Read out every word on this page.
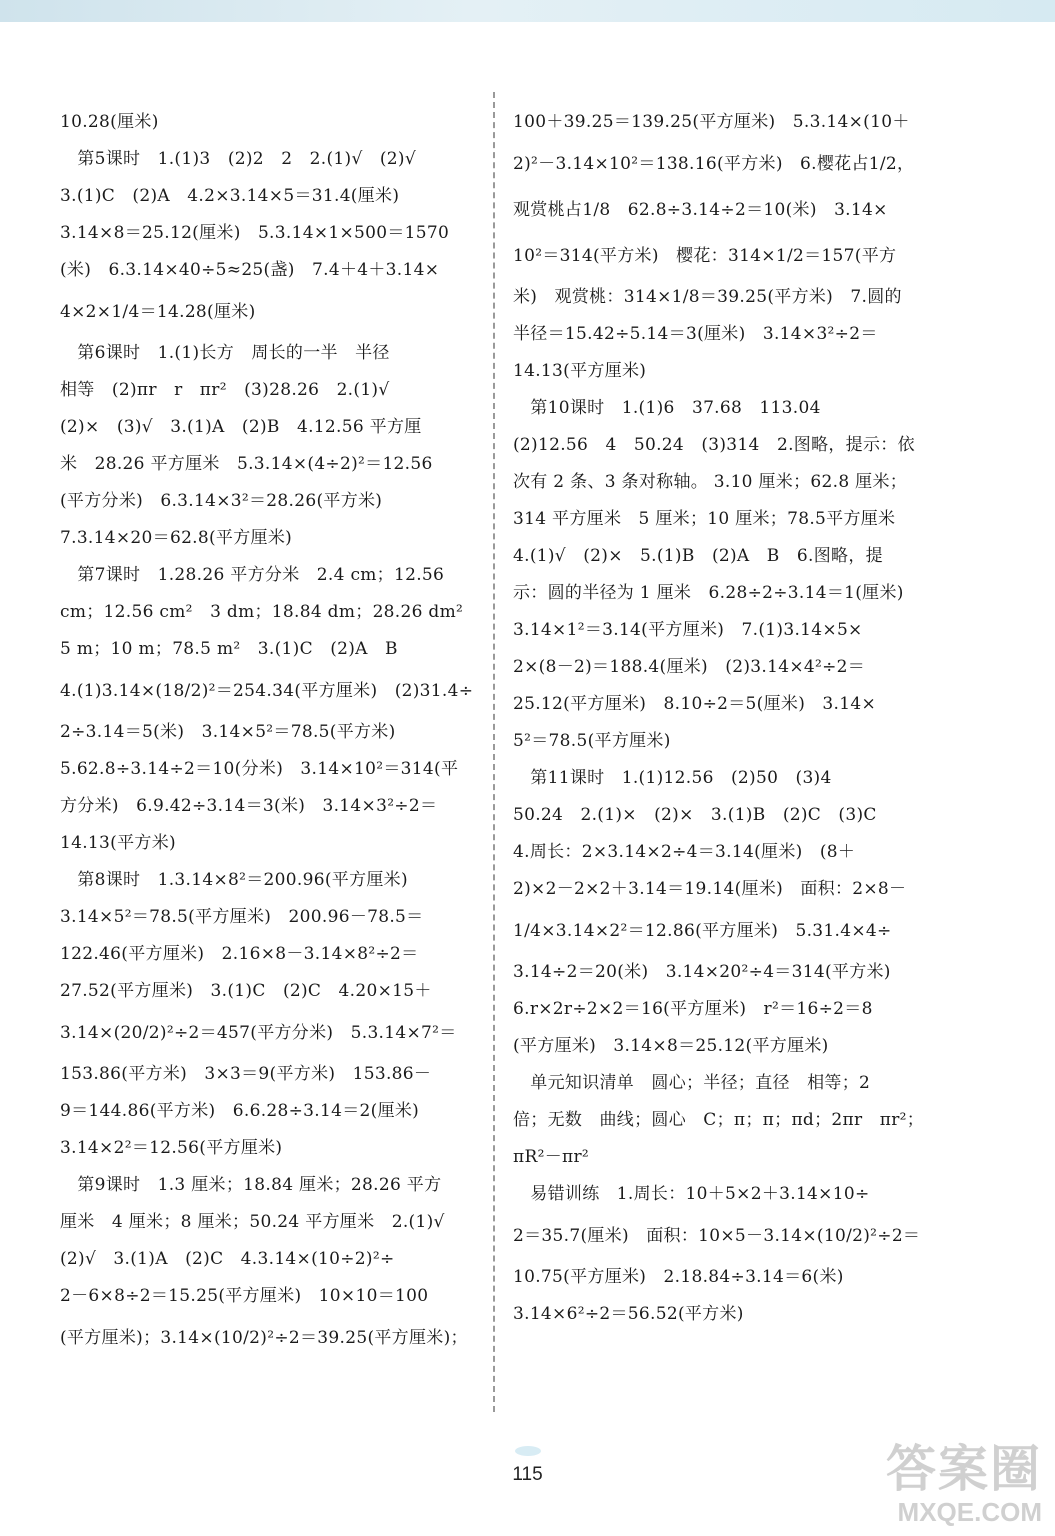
10.28(厘米)
　第5课时　1.(1)3　(2)2　2　2.(1)√　(2)√
3.(1)C　(2)A　4.2×3.14×5＝31.4(厘米)
3.14×8＝25.12(厘米)　5.3.14×1×500＝1570
(米)　6.3.14×40÷5≈25(盏)　7.4＋4＋3.14×
4×2×1/4＝14.28(厘米)
　第6课时　1.(1)长方　周长的一半　半径
相等　(2)πr　r　πr²　(3)28.26　2.(1)√
(2)×　(3)√　3.(1)A　(2)B　4.12.56 平方厘
米　28.26 平方厘米　5.3.14×(4÷2)²＝12.56
(平方分米)　6.3.14×3²＝28.26(平方米)
7.3.14×20＝62.8(平方厘米)
　第7课时　1.28.26 平方分米　2.4 cm；12.56
cm；12.56 cm²　3 dm；18.84 dm；28.26 dm²
5 m；10 m；78.5 m²　3.(1)C　(2)A　B
4.(1)3.14×(18/2)²＝254.34(平方厘米)　(2)31.4÷
2÷3.14＝5(米)　3.14×5²＝78.5(平方米)
5.62.8÷3.14÷2＝10(分米)　3.14×10²＝314(平
方分米)　6.9.42÷3.14＝3(米)　3.14×3²÷2＝
14.13(平方米)
　第8课时　1.3.14×8²＝200.96(平方厘米)
3.14×5²＝78.5(平方厘米)　200.96－78.5＝
122.46(平方厘米)　2.16×8－3.14×8²÷2＝
27.52(平方厘米)　3.(1)C　(2)C　4.20×15＋
3.14×(20/2)²÷2＝457(平方分米)　5.3.14×7²＝
153.86(平方米)　3×3＝9(平方米)　153.86－
9＝144.86(平方米)　6.6.28÷3.14＝2(厘米)
3.14×2²＝12.56(平方厘米)
　第9课时　1.3 厘米；18.84 厘米；28.26 平方
厘米　4 厘米；8 厘米；50.24 平方厘米　2.(1)√
(2)√　3.(1)A　(2)C　4.3.14×(10÷2)²÷
2－6×8÷2＝15.25(平方厘米)　10×10＝100
(平方厘米)；3.14×(10/2)²÷2＝39.25(平方厘米)；
100＋39.25＝139.25(平方厘米)　5.3.14×(10＋
2)²－3.14×10²＝138.16(平方米)　6.樱花占1/2，
观赏桃占1/8　62.8÷3.14÷2＝10(米)　3.14×
10²＝314(平方米)　樱花：314×1/2＝157(平方
米)　观赏桃：314×1/8＝39.25(平方米)　7.圆的
半径＝15.42÷5.14＝3(厘米)　3.14×3²÷2＝
14.13(平方厘米)
　第10课时　1.(1)6　37.68　113.04
(2)12.56　4　50.24　(3)314　2.图略，提示：依
次有 2 条、3 条对称轴。 3.10 厘米；62.8 厘米；
314 平方厘米　5 厘米；10 厘米；78.5平方厘米
4.(1)√　(2)×　5.(1)B　(2)A　B　6.图略，提
示：圆的半径为 1 厘米　6.28÷2÷3.14＝1(厘米)
3.14×1²＝3.14(平方厘米)　7.(1)3.14×5×
2×(8－2)＝188.4(厘米)　(2)3.14×4²÷2＝
25.12(平方厘米)　8.10÷2＝5(厘米)　3.14×
5²＝78.5(平方厘米)
　第11课时　1.(1)12.56　(2)50　(3)4
50.24　2.(1)×　(2)×　3.(1)B　(2)C　(3)C
4.周长：2×3.14×2÷4＝3.14(厘米)　(8＋
2)×2－2×2＋3.14＝19.14(厘米)　面积：2×8－
1/4×3.14×2²＝12.86(平方厘米)　5.31.4×4÷
3.14÷2＝20(米)　3.14×20²÷4＝314(平方米)
6.r×2r÷2×2＝16(平方厘米)　r²＝16÷2＝8
(平方厘米)　3.14×8＝25.12(平方厘米)
　单元知识清单　圆心；半径；直径　相等；2
倍；无数　曲线；圆心　C；π；π；πd；2πr　πr²；
πR²－πr²
　易错训练　1.周长：10＋5×2＋3.14×10÷
2＝35.7(厘米)　面积：10×5－3.14×(10/2)²÷2＝
10.75(平方厘米)　2.18.84÷3.14＝6(米)
3.14×6²÷2＝56.52(平方米)
115	答案圈
MXQE.COM
